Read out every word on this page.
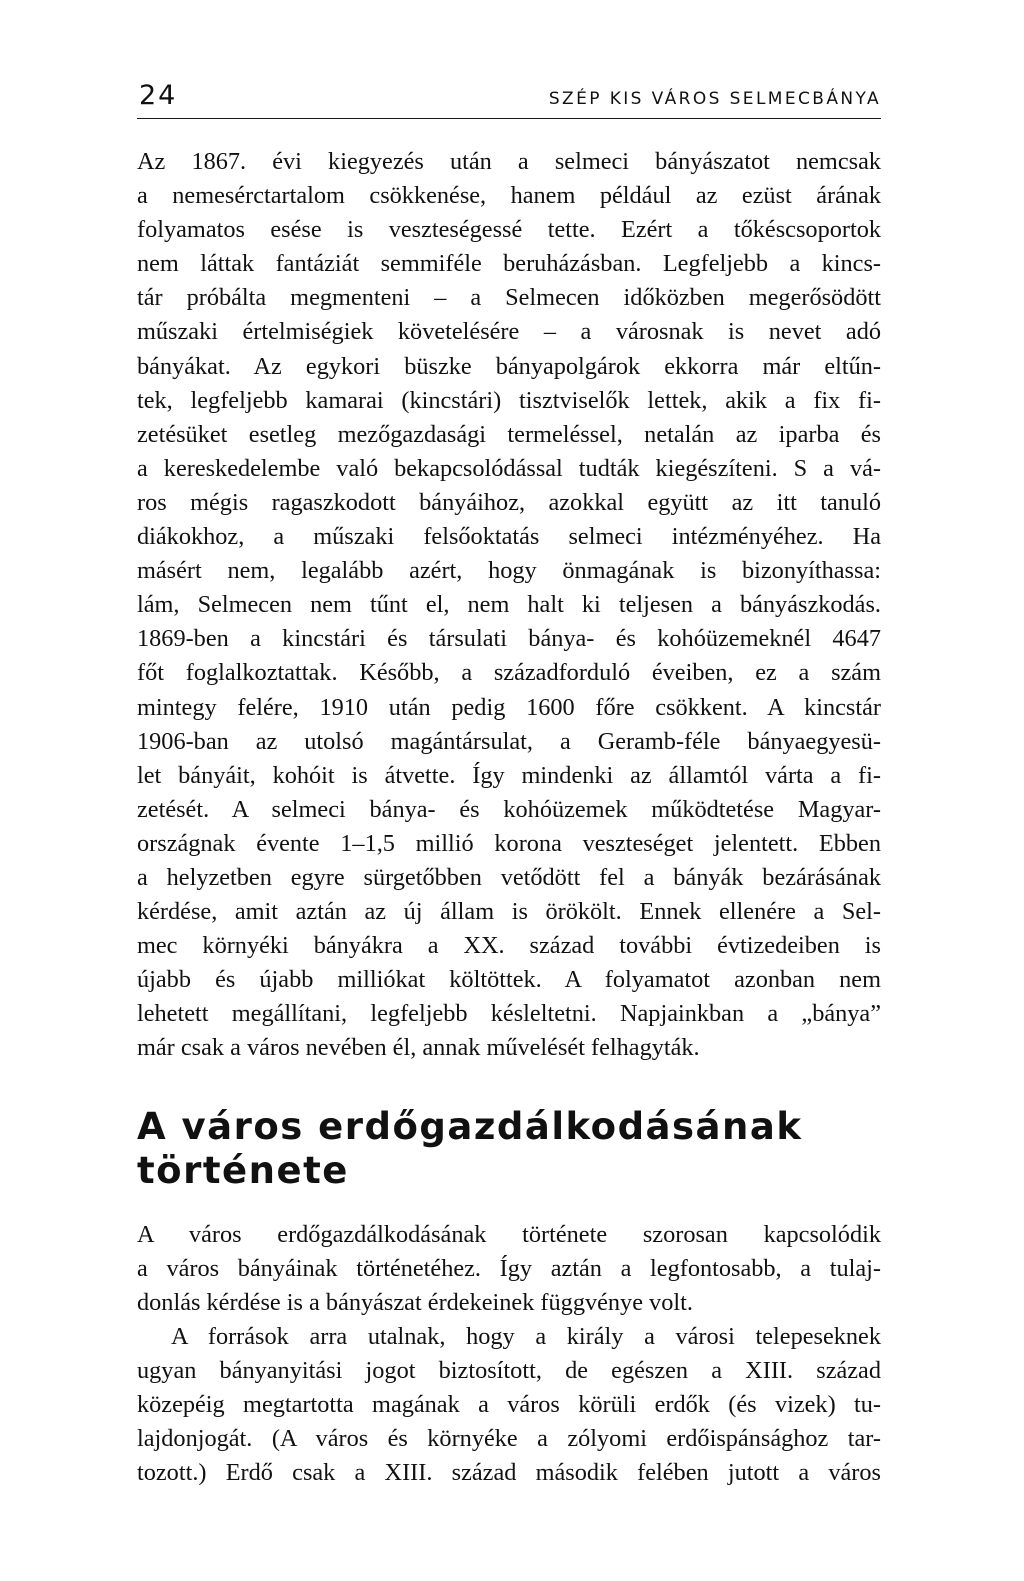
24	SZÉP KIS VÁROS SELMECBÁNYA
Az 1867. évi kiegyezés után a selmeci bányászatot nemcsak
a nemesérctartalom csökkenése, hanem például az ezüst árának
folyamatos esése is veszteségessé tette. Ezért a tőkéscsoportok
nem láttak fantáziát semmiféle beruházásban. Legfeljebb a kincs-
tár próbálta megmenteni – a Selmecen időközben megerősödött
műszaki értelmiségiek követelésére – a városnak is nevet adó
bányákat. Az egykori büszke bányapolgárok ekkorra már eltűn-
tek, legfeljebb kamarai (kincstári) tisztviselők lettek, akik a fix fi-
zetésüket esetleg mezőgazdasági termeléssel, netalán az iparba és
a kereskedelembe való bekapcsolódással tudták kiegészíteni. S a vá-
ros mégis ragaszkodott bányáihoz, azokkal együtt az itt tanuló
diákokhoz, a műszaki felsőoktatás selmeci intézményéhez. Ha
másért nem, legalább azért, hogy önmagának is bizonyíthassa:
lám, Selmecen nem tűnt el, nem halt ki teljesen a bányászkodás.
1869-ben a kincstári és társulati bánya- és kohóüzemeknél 4647
főt foglalkoztattak. Később, a századforduló éveiben, ez a szám
mintegy felére, 1910 után pedig 1600 főre csökkent. A kincstár
1906-ban az utolsó magántársulat, a Geramb-féle bányaegyesü-
let bányáit, kohóit is átvette. Így mindenki az államtól várta a fi-
zetését. A selmeci bánya- és kohóüzemek működtetése Magyar-
országnak évente 1–1,5 millió korona veszteséget jelentett. Ebben
a helyzetben egyre sürgetőbben vetődött fel a bányák bezárásának
kérdése, amit aztán az új állam is örökölt. Ennek ellenére a Sel-
mec környéki bányákra a XX. század további évtizedeiben is
újabb és újabb milliókat költöttek. A folyamatot azonban nem
lehetett megállítani, legfeljebb késleltetni. Napjainkban a „bánya”
már csak a város nevében él, annak művelését felhagyták.
A város erdőgazdálkodásának
története
A város erdőgazdálkodásának története szorosan kapcsolódik
a város bányáinak történetéhez. Így aztán a legfontosabb, a tulaj-
donlás kérdése is a bányászat érdekeinek függvénye volt.
A források arra utalnak, hogy a király a városi telepeseknek
ugyan bányanyitási jogot biztosított, de egészen a XIII. század
közepéig megtartotta magának a város körüli erdők (és vizek) tu-
lajdonjogát. (A város és környéke a zólyomi erdőispánsághoz tar-
tozott.) Erdő csak a XIII. század második felében jutott a város
